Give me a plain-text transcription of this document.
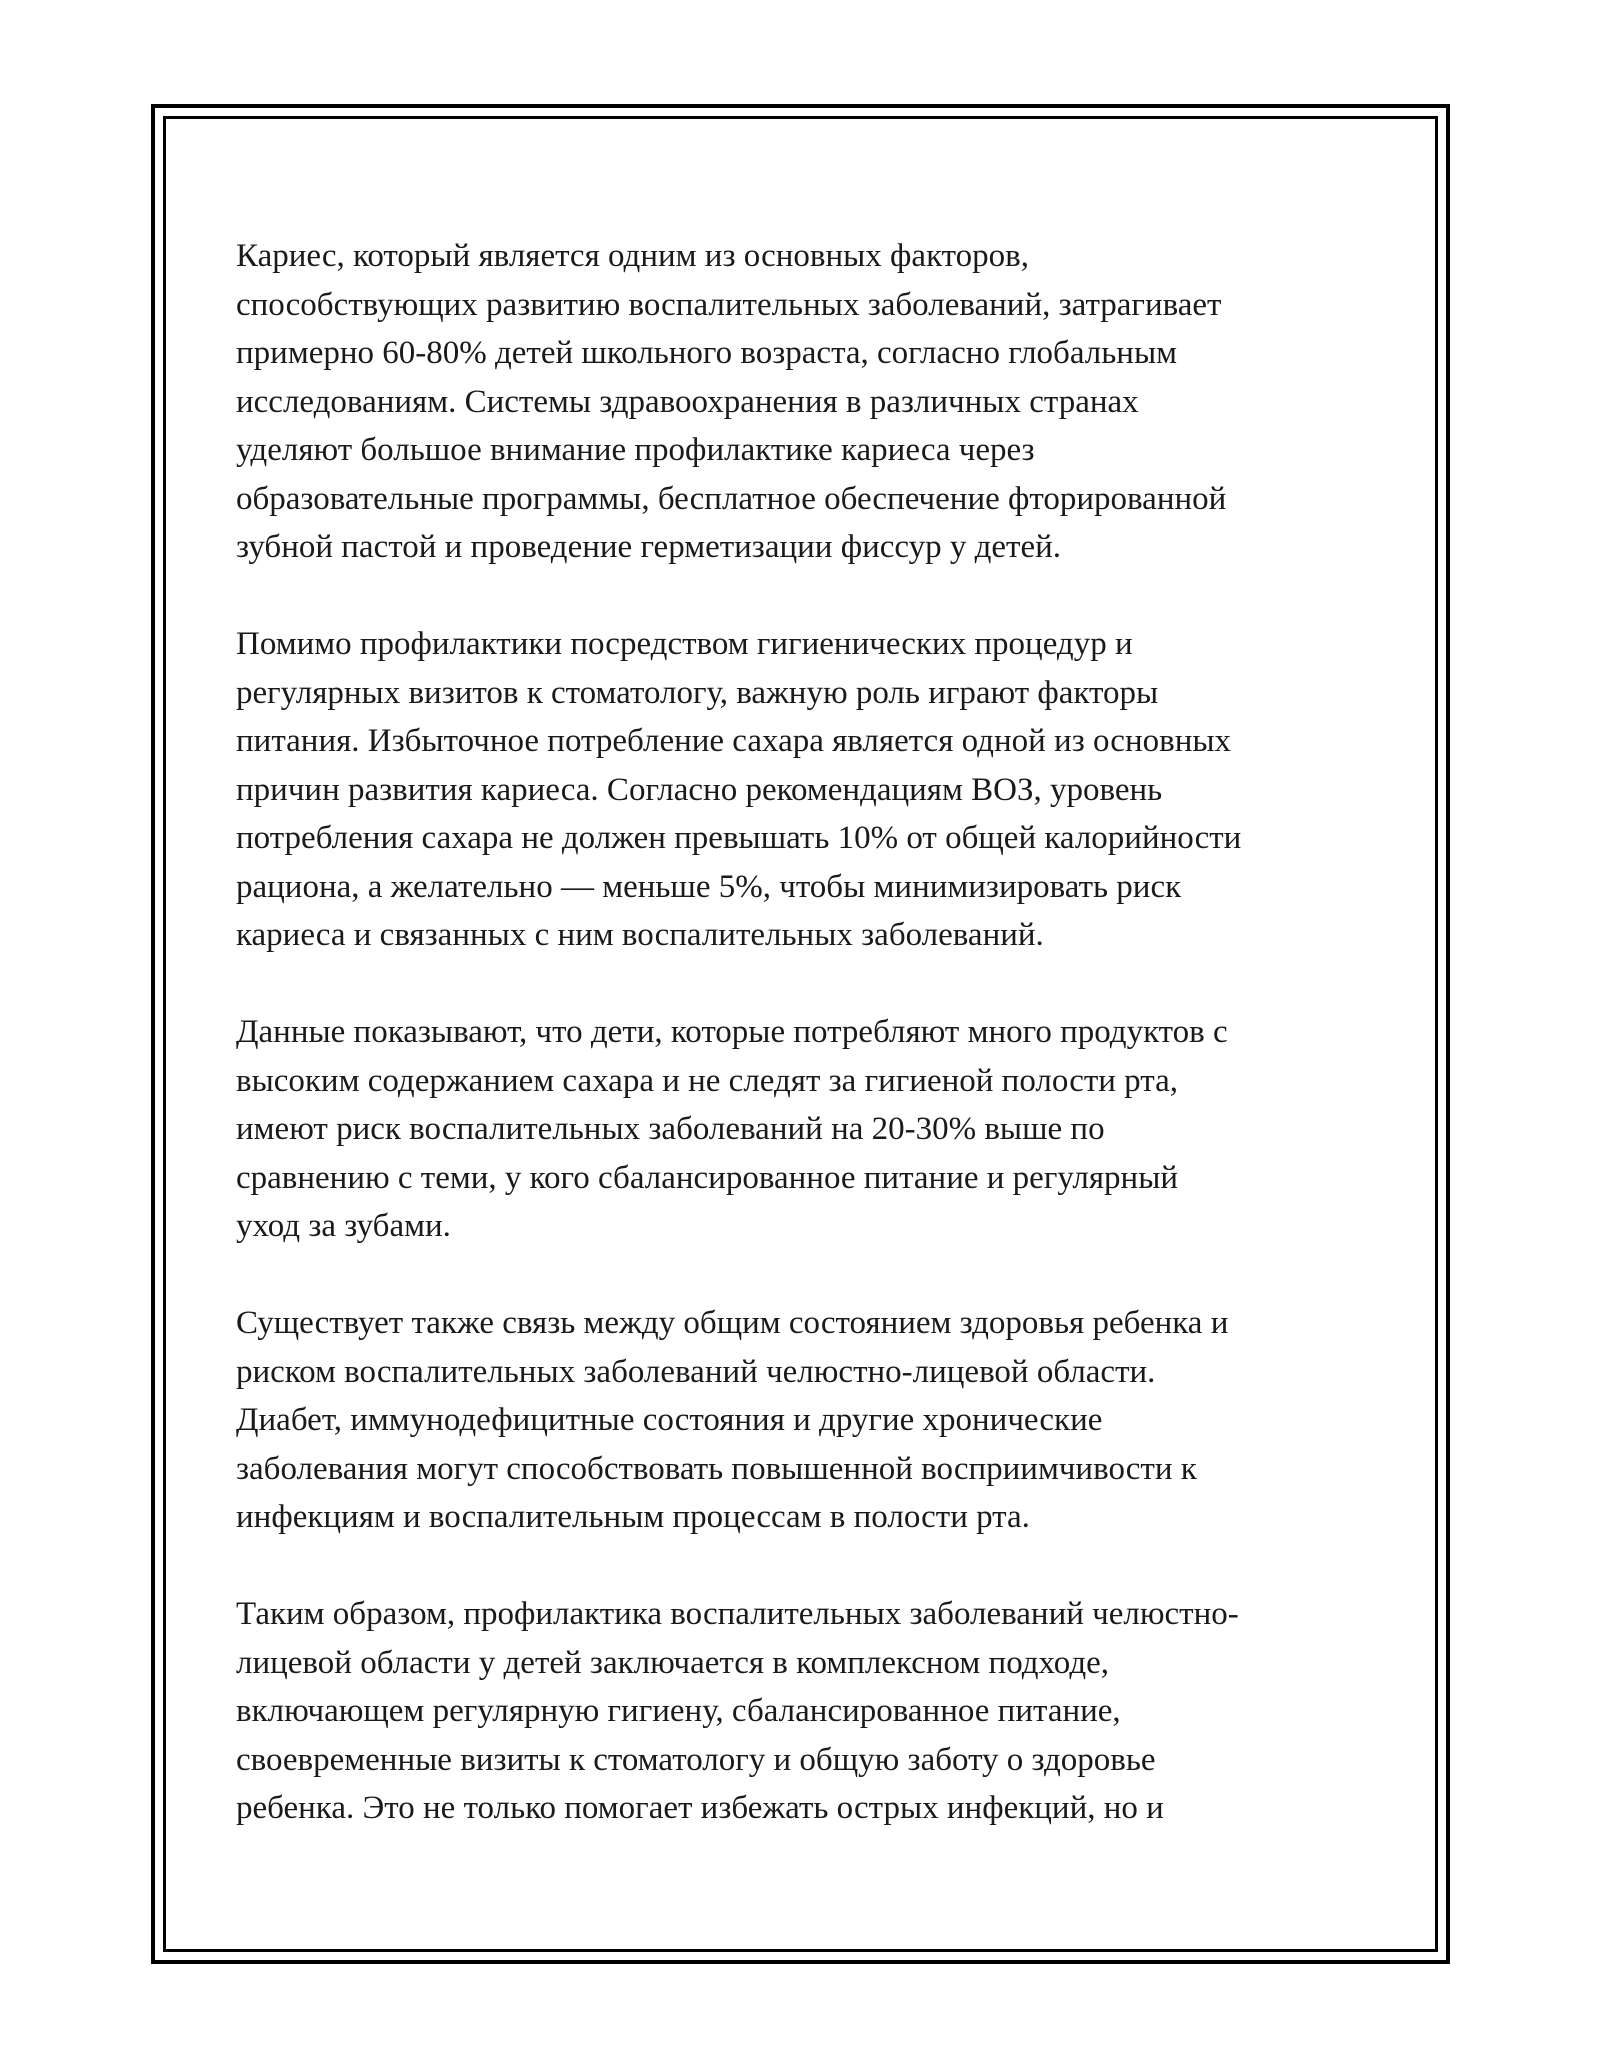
Кариес, который является одним из основных факторов,
способствующих развитию воспалительных заболеваний, затрагивает
примерно 60-80% детей школьного возраста, согласно глобальным
исследованиям. Системы здравоохранения в различных странах
уделяют большое внимание профилактике кариеса через
образовательные программы, бесплатное обеспечение фторированной
зубной пастой и проведение герметизации фиссур у детей.

Помимо профилактики посредством гигиенических процедур и
регулярных визитов к стоматологу, важную роль играют факторы
питания. Избыточное потребление сахара является одной из основных
причин развития кариеса. Согласно рекомендациям ВОЗ, уровень
потребления сахара не должен превышать 10% от общей калорийности
рациона, а желательно — меньше 5%, чтобы минимизировать риск
кариеса и связанных с ним воспалительных заболеваний.

Данные показывают, что дети, которые потребляют много продуктов с
высоким содержанием сахара и не следят за гигиеной полости рта,
имеют риск воспалительных заболеваний на 20-30% выше по
сравнению с теми, у кого сбалансированное питание и регулярный
уход за зубами.

Существует также связь между общим состоянием здоровья ребенка и
риском воспалительных заболеваний челюстно-лицевой области.
Диабет, иммунодефицитные состояния и другие хронические
заболевания могут способствовать повышенной восприимчивости к
инфекциям и воспалительным процессам в полости рта.

Таким образом, профилактика воспалительных заболеваний челюстно-
лицевой области у детей заключается в комплексном подходе,
включающем регулярную гигиену, сбалансированное питание,
своевременные визиты к стоматологу и общую заботу о здоровье
ребенка. Это не только помогает избежать острых инфекций, но и
